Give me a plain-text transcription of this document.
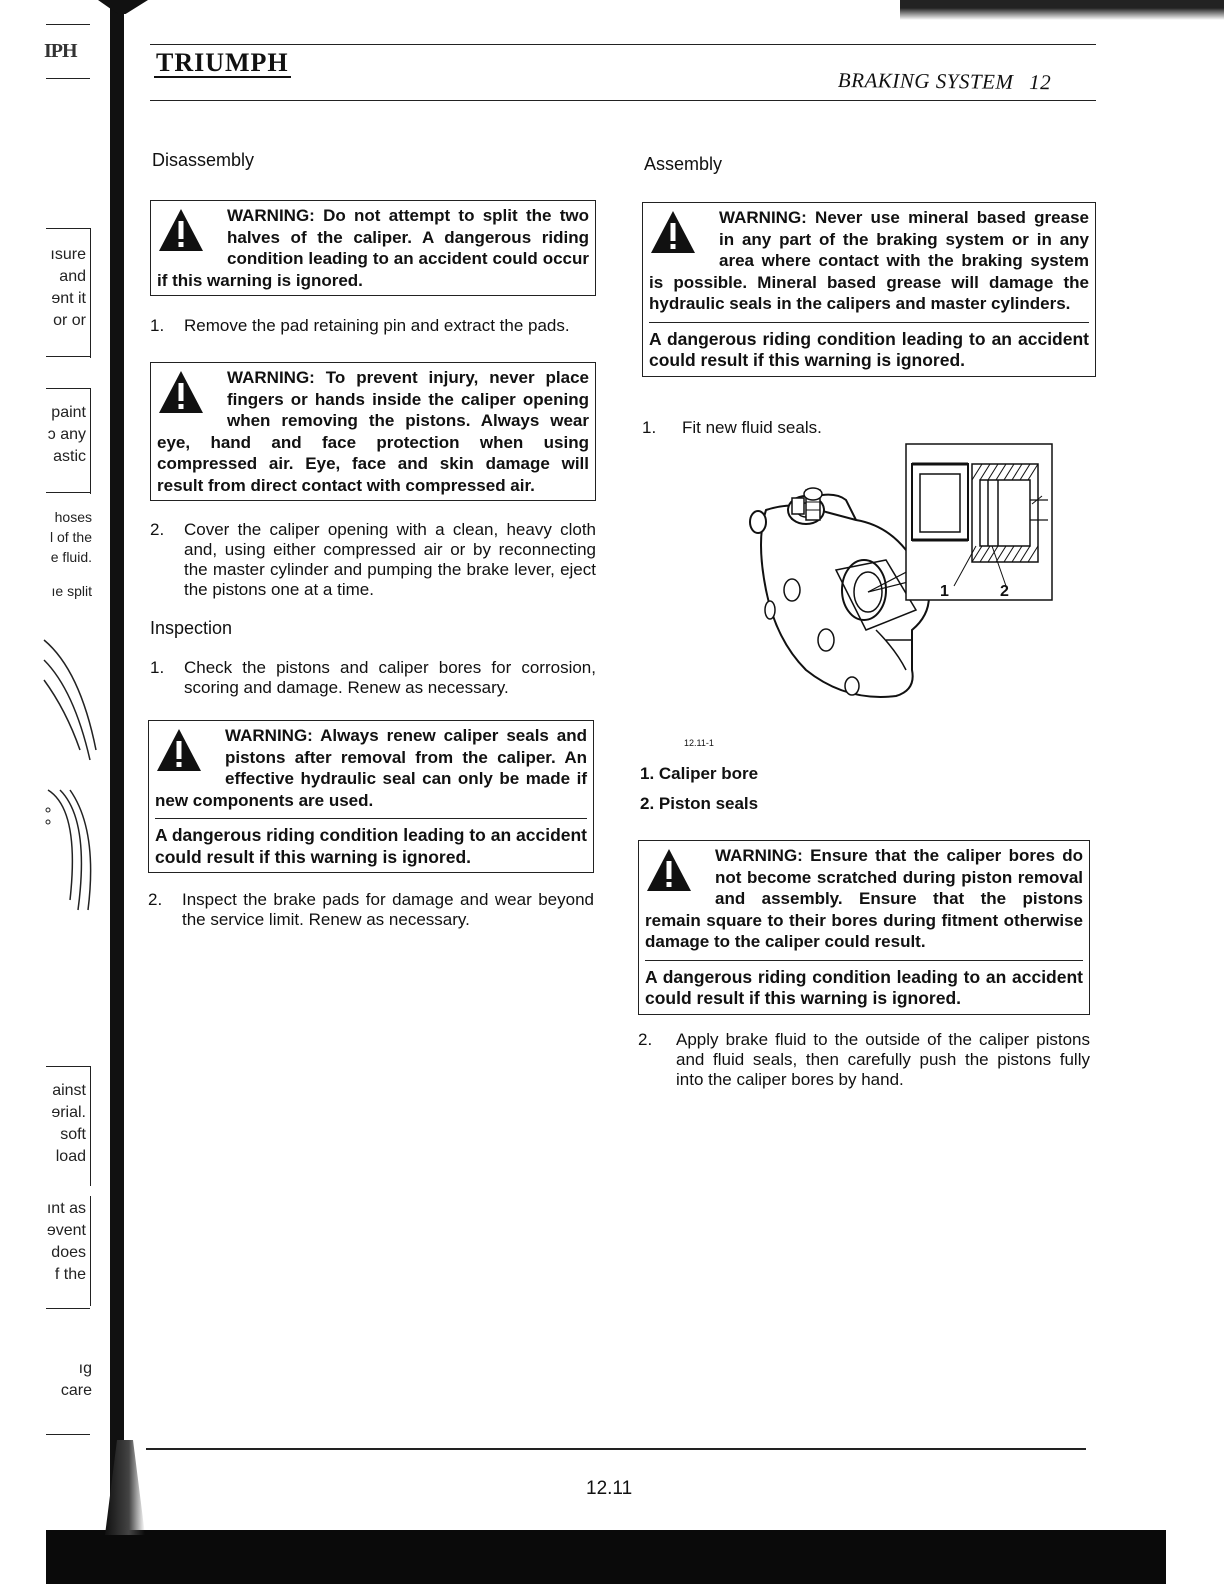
IPH
ısure
and
ɘnt it
or or
paint
ɔ any
astic
hoses
l of the
e fluid.
ıe split
ainst
ɘrial.
soft
load
ınt as
ɘvent
does
f the
ıg care
TRIUMPH
BRAKING SYSTEM 12
Disassembly

WARNING: Do not attempt to split the two halves of the caliper. A dangerous riding condition leading to an accident could occur if this warning is ignored.

1.	Remove the pad retaining pin and extract the pads.

WARNING: To prevent injury, never place fingers or hands inside the caliper opening when removing the pistons. Always wear eye, hand and face protection when using compressed air. Eye, face and skin damage will result from direct contact with compressed air.

2.	Cover the caliper opening with a clean, heavy cloth and, using either compressed air or by reconnecting the master cylinder and pumping the brake lever, eject the pistons one at a time.
Inspection
1.	Check the pistons and caliper bores for corrosion, scoring and damage. Renew as necessary.

WARNING: Always renew caliper seals and pistons after removal from the caliper. An effective hydraulic seal can only be made if new components are used.

A dangerous riding condition leading to an accident could result if this warning is ignored.

2.	Inspect the brake pads for damage and wear beyond the service limit. Renew as necessary.
Assembly

WARNING: Never use mineral based grease in any part of the braking system or in any area where contact with the braking system is possible. Mineral based grease will damage the hydraulic seals in the calipers and master cylinders.

A dangerous riding condition leading to an accident could result if this warning is ignored.

1.	Fit new fluid seals.
1	2
12.11-1
1. Caliper bore
2. Piston seals

WARNING: Ensure that the caliper bores do not become scratched during piston removal and assembly. Ensure that the pistons remain square to their bores during fitment otherwise damage to the caliper could result.

A dangerous riding condition leading to an accident could result if this warning is ignored.

2.	Apply brake fluid to the outside of the caliper pistons and fluid seals, then carefully push the pistons fully into the caliper bores by hand.
12.11
